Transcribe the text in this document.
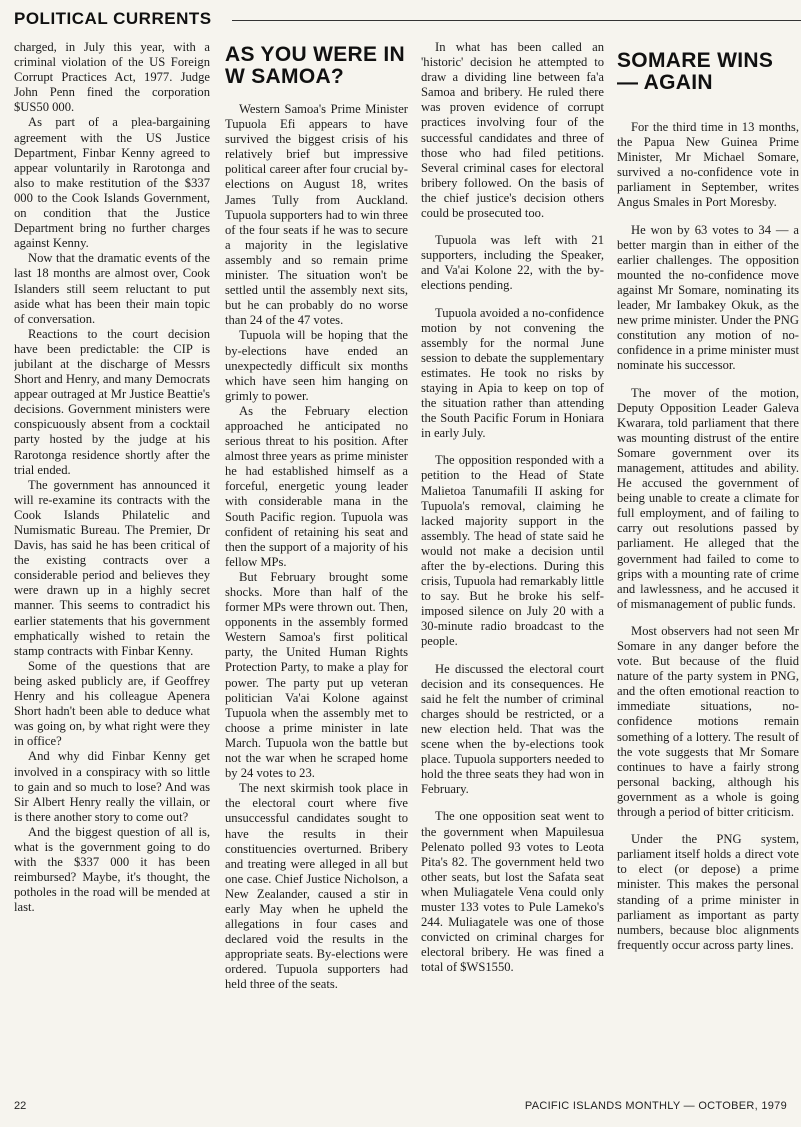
POLITICAL CURRENTS

charged, in July this year, with a criminal violation of the US Foreign Corrupt Practices Act, 1977. Judge John Penn fined the corporation $US50 000.

As part of a plea-bargaining agreement with the US Justice Department, Finbar Kenny agreed to appear voluntarily in Rarotonga and also to make restitution of the $337 000 to the Cook Islands Government, on condition that the Justice Department bring no further charges against Kenny.

Now that the dramatic events of the last 18 months are almost over, Cook Islanders still seem reluctant to put aside what has been their main topic of conversation.

Reactions to the court decision have been predictable: the CIP is jubilant at the discharge of Messrs Short and Henry, and many Democrats appear outraged at Mr Justice Beattie's decisions. Government ministers were conspicuously absent from a cocktail party hosted by the judge at his Rarotonga residence shortly after the trial ended.

The government has announced it will re-examine its contracts with the Cook Islands Philatelic and Numismatic Bureau. The Premier, Dr Davis, has said he has been critical of the existing contracts over a considerable period and believes they were drawn up in a highly secret manner. This seems to contradict his earlier statements that his government emphatically wished to retain the stamp contracts with Finbar Kenny.

Some of the questions that are being asked publicly are, if Geoffrey Henry and his colleague Apenera Short hadn't been able to deduce what was going on, by what right were they in office?

And why did Finbar Kenny get involved in a conspiracy with so little to gain and so much to lose? And was Sir Albert Henry really the villain, or is there another story to come out?

And the biggest question of all is, what is the government going to do with the $337 000 it has been reimbursed? Maybe, it's thought, the potholes in the road will be mended at last.

AS YOU WERE IN W SAMOA?

Western Samoa's Prime Minister Tupuola Efi appears to have survived the biggest crisis of his relatively brief but impressive political career after four crucial by-elections on August 18, writes James Tully from Auckland. Tupuola supporters had to win three of the four seats if he was to secure a majority in the legislative assembly and so remain prime minister. The situation won't be settled until the assembly next sits, but he can probably do no worse than 24 of the 47 votes.

Tupuola will be hoping that the by-elections have ended an unexpectedly difficult six months which have seen him hanging on grimly to power.

As the February election approached he anticipated no serious threat to his position. After almost three years as prime minister he had established himself as a forceful, energetic young leader with considerable mana in the South Pacific region. Tupuola was confident of retaining his seat and then the support of a majority of his fellow MPs.

But February brought some shocks. More than half of the former MPs were thrown out. Then, opponents in the assembly formed Western Samoa's first political party, the United Human Rights Protection Party, to make a play for power. The party put up veteran politician Va'ai Kolone against Tupuola when the assembly met to choose a prime minister in late March. Tupuola won the battle but not the war when he scraped home by 24 votes to 23.

The next skirmish took place in the electoral court where five unsuccessful candidates sought to have the results in their constituencies overturned. Bribery and treating were alleged in all but one case. Chief Justice Nicholson, a New Zealander, caused a stir in early May when he upheld the allegations in four cases and declared void the results in the appropriate seats. By-elections were ordered. Tupuola supporters had held three of the seats.

In what has been called an 'historic' decision he attempted to draw a dividing line between fa'a Samoa and bribery. He ruled there was proven evidence of corrupt practices involving four of the successful candidates and three of those who had filed petitions. Several criminal cases for electoral bribery followed. On the basis of the chief justice's decision others could be prosecuted too.

Tupuola was left with 21 supporters, including the Speaker, and Va'ai Kolone 22, with the by-elections pending.

Tupuola avoided a no-confidence motion by not convening the assembly for the normal June session to debate the supplementary estimates. He took no risks by staying in Apia to keep on top of the situation rather than attending the South Pacific Forum in Honiara in early July.

The opposition responded with a petition to the Head of State Malietoa Tanumafili II asking for Tupuola's removal, claiming he lacked majority support in the assembly. The head of state said he would not make a decision until after the by-elections. During this crisis, Tupuola had remarkably little to say. But he broke his self-imposed silence on July 20 with a 30-minute radio broadcast to the people.

He discussed the electoral court decision and its consequences. He said he felt the number of criminal charges should be restricted, or a new election held. That was the scene when the by-elections took place. Tupuola supporters needed to hold the three seats they had won in February.

The one opposition seat went to the government when Mapuilesua Pelenato polled 93 votes to Leota Pita's 82. The government held two other seats, but lost the Safata seat when Muliagatele Vena could only muster 133 votes to Pule Lameko's 244. Muliagatele was one of those convicted on criminal charges for electoral bribery. He was fined a total of $WS1550.

SOMARE WINS — AGAIN

For the third time in 13 months, the Papua New Guinea Prime Minister, Mr Michael Somare, survived a no-confidence vote in parliament in September, writes Angus Smales in Port Moresby.

He won by 63 votes to 34 — a better margin than in either of the earlier challenges. The opposition mounted the no-confidence move against Mr Somare, nominating its leader, Mr Iambakey Okuk, as the new prime minister. Under the PNG constitution any motion of no-confidence in a prime minister must nominate his successor.

The mover of the motion, Deputy Opposition Leader Galeva Kwarara, told parliament that there was mounting distrust of the entire Somare government over its management, attitudes and ability. He accused the government of being unable to create a climate for full employment, and of failing to carry out resolutions passed by parliament. He alleged that the government had failed to come to grips with a mounting rate of crime and lawlessness, and he accused it of mismanagement of public funds.

Most observers had not seen Mr Somare in any danger before the vote. But because of the fluid nature of the party system in PNG, and the often emotional reaction to immediate situations, no-confidence motions remain something of a lottery. The result of the vote suggests that Mr Somare continues to have a fairly strong personal backing, although his government as a whole is going through a period of bitter criticism.

Under the PNG system, parliament itself holds a direct vote to elect (or depose) a prime minister. This makes the personal standing of a prime minister in parliament as important as party numbers, because bloc alignments frequently occur across party lines.

22	PACIFIC ISLANDS MONTHLY — OCTOBER, 1979
